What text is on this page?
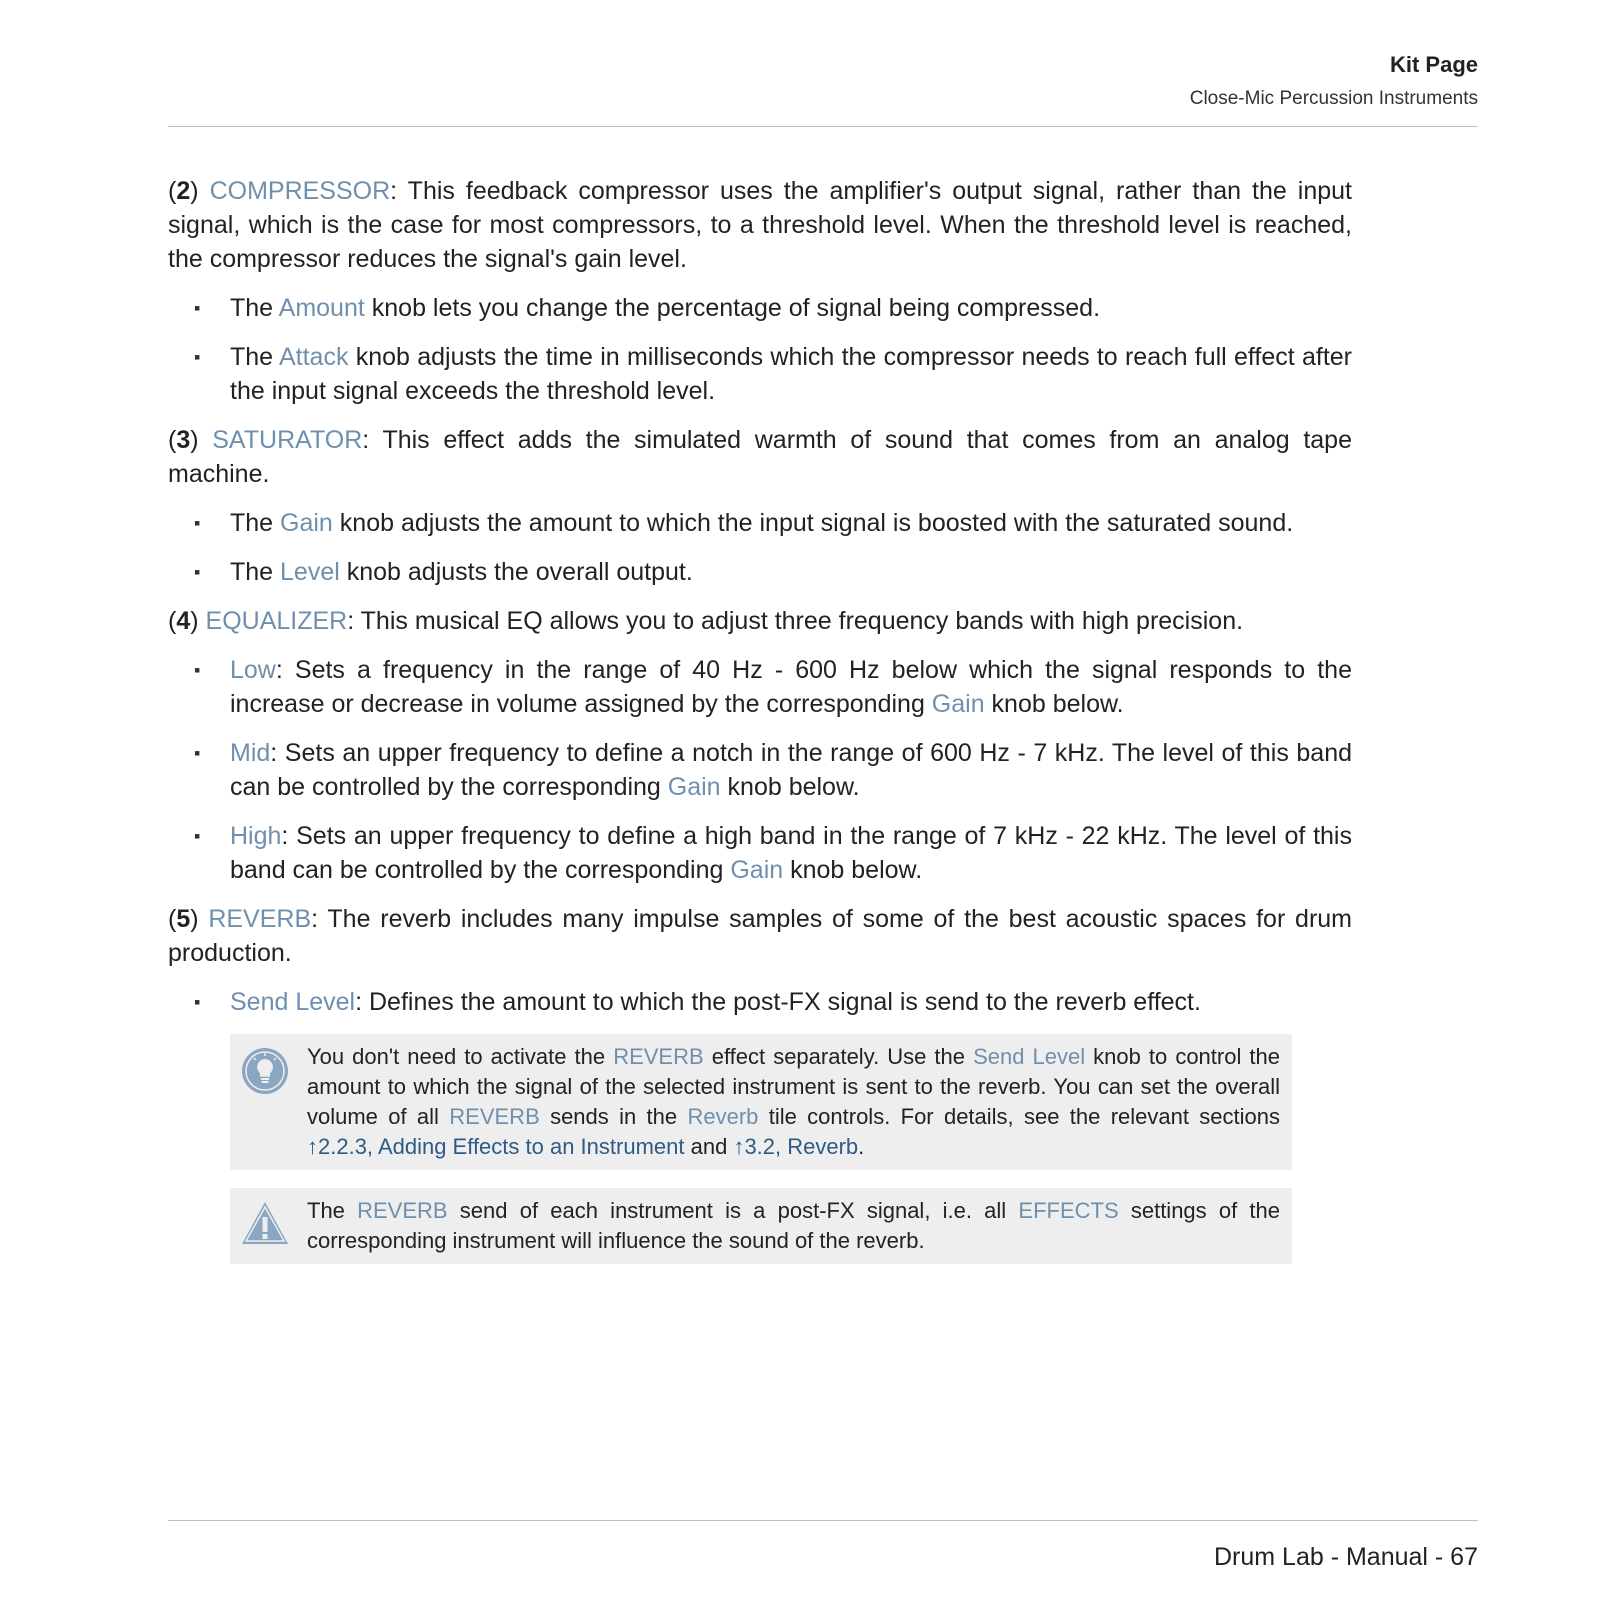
Kit Page
Close-Mic Percussion Instruments

(2) COMPRESSOR: This feedback compressor uses the amplifier's output signal, rather than the input signal, which is the case for most compressors, to a threshold level. When the threshold level is reached, the compressor reduces the signal's gain level.

▪ The Amount knob lets you change the percentage of signal being compressed.
▪ The Attack knob adjusts the time in milliseconds which the compressor needs to reach full effect after the input signal exceeds the threshold level.

(3) SATURATOR: This effect adds the simulated warmth of sound that comes from an analog tape machine.

▪ The Gain knob adjusts the amount to which the input signal is boosted with the saturated sound.
▪ The Level knob adjusts the overall output.

(4) EQUALIZER: This musical EQ allows you to adjust three frequency bands with high precision.

▪ Low: Sets a frequency in the range of 40 Hz - 600 Hz below which the signal responds to the increase or decrease in volume assigned by the corresponding Gain knob below.
▪ Mid: Sets an upper frequency to define a notch in the range of 600 Hz - 7 kHz. The level of this band can be controlled by the corresponding Gain knob below.
▪ High: Sets an upper frequency to define a high band in the range of 7 kHz - 22 kHz. The level of this band can be controlled by the corresponding Gain knob below.

(5) REVERB: The reverb includes many impulse samples of some of the best acoustic spaces for drum production.

▪ Send Level: Defines the amount to which the post-FX signal is send to the reverb effect.
You don't need to activate the REVERB effect separately. Use the Send Level knob to control the amount to which the signal of the selected instrument is sent to the reverb. You can set the overall volume of all REVERB sends in the Reverb tile controls. For details, see the relevant sections ↑2.2.3, Adding Effects to an Instrument and ↑3.2, Reverb.
The REVERB send of each instrument is a post-FX signal, i.e. all EFFECTS settings of the corresponding instrument will influence the sound of the reverb.
Drum Lab - Manual - 67
